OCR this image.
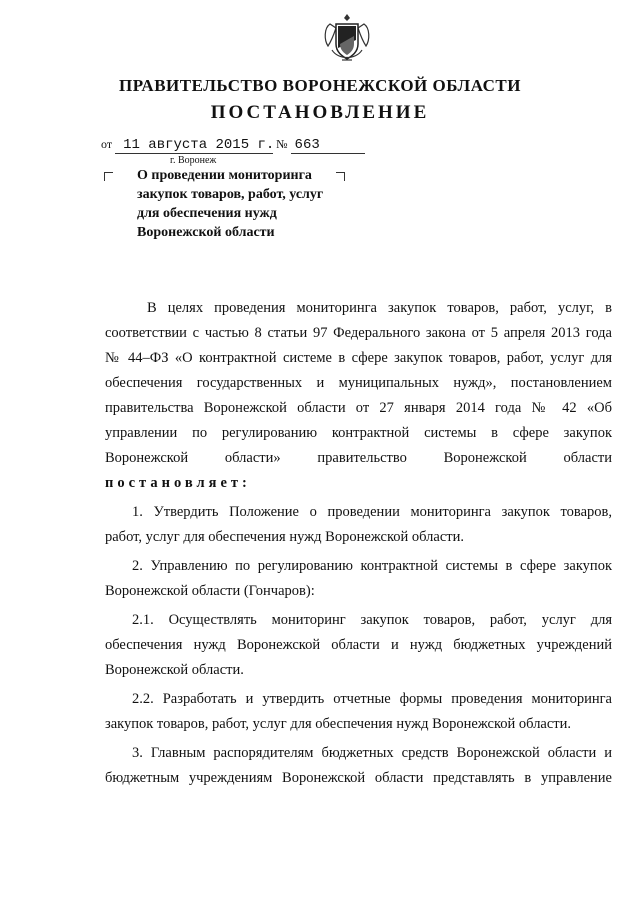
ПРАВИТЕЛЬСТВО ВОРОНЕЖСКОЙ ОБЛАСТИ
ПОСТАНОВЛЕНИЕ
от 11 августа 2015 г. № 663
г. Воронеж
О проведении мониторинга
закупок товаров, работ, услуг
для обеспечения нужд
Воронежской области
В целях проведения мониторинга закупок товаров, работ, услуг, в
соответствии с частью 8 статьи 97 Федерального закона от 5 апреля 2013 года
№ 44–ФЗ «О контрактной системе в сфере закупок товаров, работ, услуг для
обеспечения государственных и муниципальных нужд», постановлением
правительства Воронежской области от 27 января 2014 года № 42 «Об
управлении по регулированию контрактной системы в сфере закупок
Воронежской области» правительство Воронежской области
постановляет:
1. Утвердить Положение о проведении мониторинга закупок товаров,
работ, услуг для обеспечения нужд Воронежской области.
2. Управлению по регулированию контрактной системы в сфере закупок
Воронежской области (Гончаров):
2.1. Осуществлять мониторинг закупок товаров, работ, услуг для
обеспечения нужд Воронежской области и нужд бюджетных учреждений
Воронежской области.
2.2. Разработать и утвердить отчетные формы проведения мониторинга
закупок товаров, работ, услуг для обеспечения нужд Воронежской области.
3. Главным распорядителям бюджетных средств Воронежской области и
бюджетным учреждениям Воронежской области представлять в управление
